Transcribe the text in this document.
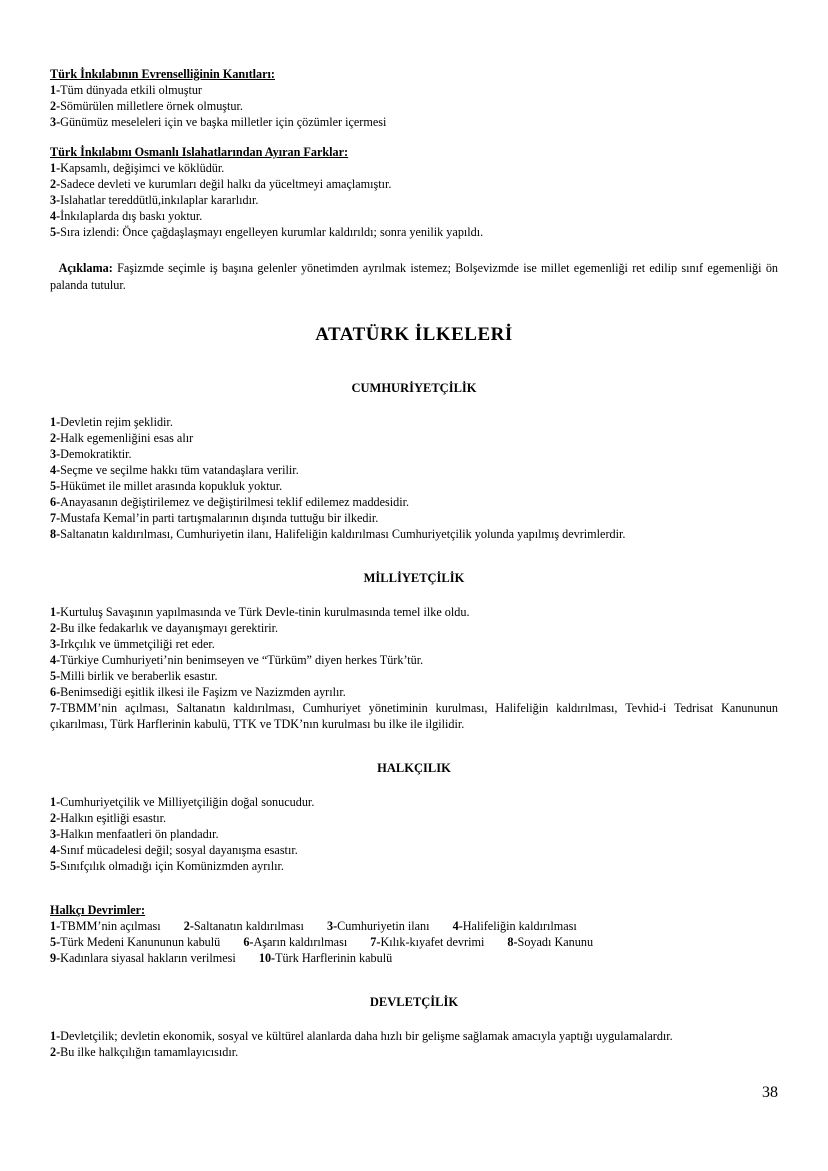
Türk İnkılabının Evrenselliğinin Kanıtları:
1-Tüm dünyada etkili olmuştur
2-Sömürülen milletlere örnek olmuştur.
3-Günümüz meseleleri için ve başka milletler için çözümler içermesi
Türk İnkılabını Osmanlı Islahatlarından Ayıran Farklar:
1-Kapsamlı, değişimci ve köklüdür.
2-Sadece devleti ve kurumları değil halkı da yüceltmeyi amaçlamıştır.
3-Islahatlar tereddütlü,inkılaplar kararlıdır.
4-İnkılaplarda dış baskı yoktur.
5-Sıra izlendi: Önce çağdaşlaşmayı engelleyen kurumlar kaldırıldı; sonra yenilik yapıldı.
Açıklama: Faşizmde seçimle iş başına gelenler yönetimden ayrılmak istemez; Bolşevizmde ise millet egemenliği ret edilip sınıf egemenliği ön palanda tutulur.
ATATÜRK İLKELERİ
CUMHURİYETÇİLİK
1-Devletin rejim şeklidir.
2-Halk egemenliğini esas alır
3-Demokratiktir.
4-Seçme ve seçilme hakkı tüm vatandaşlara verilir.
5-Hükümet ile millet arasında kopukluk yoktur.
6-Anayasanın değiştirilemez ve değiştirilmesi teklif edilemez maddesidir.
7-Mustafa Kemal’in parti tartışmalarının dışında tuttuğu bir ilkedir.
8-Saltanatın kaldırılması, Cumhuriyetin ilanı, Halifeliğin kaldırılması Cumhuriyetçilik yolunda yapılmış devrimlerdir.
MİLLİYETÇİLİK
1-Kurtuluş Savaşının yapılmasında ve Türk Devle-tinin kurulmasında temel ilke oldu.
2-Bu ilke fedakarlık ve dayanışmayı gerektirir.
3-Irkçılık ve ümmetçiliği ret eder.
4-Türkiye Cumhuriyeti’nin benimseyen ve “Türküm” diyen herkes Türk’tür.
5-Milli birlik ve beraberlik esastır.
6-Benimsediği eşitlik ilkesi ile Faşizm ve Nazizmden ayrılır.
7-TBMM’nin açılması, Saltanatın kaldırılması, Cumhuriyet yönetiminin kurulması, Halifeliğin kaldırılması, Tevhid-i Tedrisat Kanununun çıkarılması, Türk Harflerinin kabulü, TTK ve TDK’nın kurulması bu ilke ile ilgilidir.
HALKÇILIK
1-Cumhuriyetçilik ve Milliyetçiliğin doğal sonucudur.
2-Halkın eşitliği esastır.
3-Halkın menfaatleri ön plandadır.
4-Sınıf mücadelesi değil; sosyal dayanışma esastır.
5-Sınıfçılık olmadığı için Komünizmden ayrılır.
Halkçı Devrimler:
1-TBMM’nin açılması 2-Saltanatın kaldırılması 3-Cumhuriyetin ilanı 4-Halifeliğin kaldırılması
5-Türk Medeni Kanununun kabulü 6-Aşarın kaldırılması 7-Kılık-kıyafet devrimi 8-Soyadı Kanunu
9-Kadınlara siyasal hakların verilmesi 10-Türk Harflerinin kabulü
DEVLETÇİLİK
1-Devletçilik; devletin ekonomik, sosyal ve kültürel alanlarda daha hızlı bir gelişme sağlamak amacıyla yaptığı uygulamalardır.
2-Bu ilke halkçılığın tamamlayıcısıdır.
38
